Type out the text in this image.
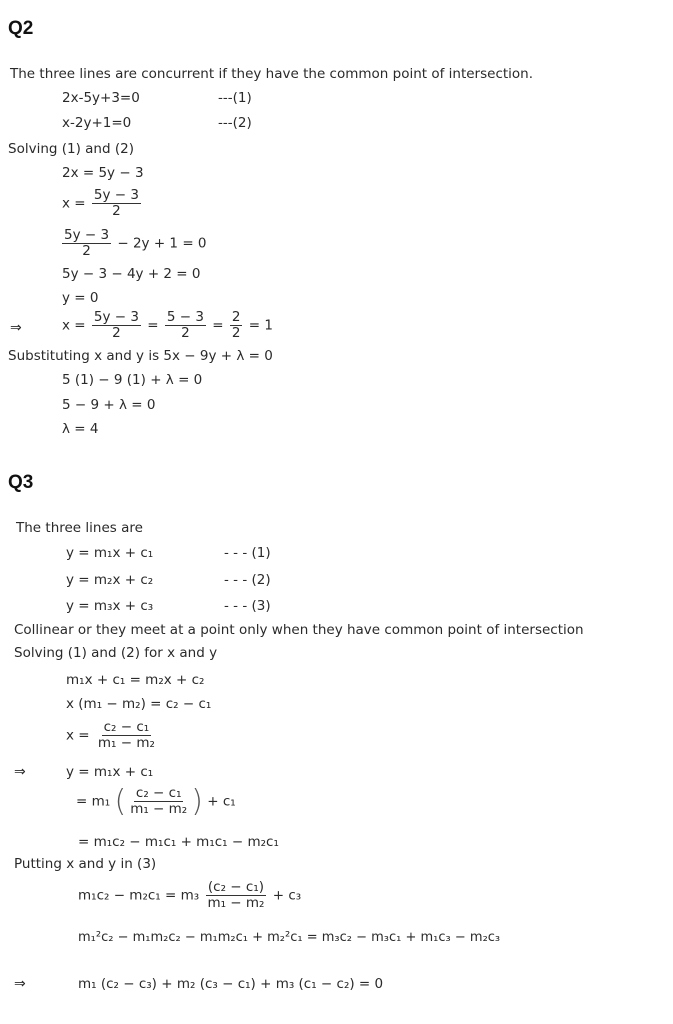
Q2
The three lines are concurrent if they have the common point of intersection.
2x-5y+3=0	---(1)
x-2y+1=0	---(2)
Solving (1) and (2)
2x = 5y − 3
$x = \frac{5y - 3}{2}$
$\frac{5y - 3}{2} - 2y + 1 = 0$
5y − 3 − 4y + 2 = 0
y = 0
⇒	$x = \frac{5y - 3}{2} = \frac{5 - 3}{2} = \frac{2}{2} = 1$
Substituting x and y is 5x − 9y + λ = 0
5 (1) − 9 (1) + λ = 0
5 − 9 + λ = 0
λ = 4
Q3
The three lines are
y = m₁x + c₁	- - - (1)
y = m₂x + c₂	- - - (2)
y = m₃x + c₃	- - - (3)
Collinear or they meet at a point only when they have common point of intersection
Solving (1) and (2) for x and y
m₁x + c₁ = m₂x + c₂
x (m₁ − m₂) = c₂ − c₁
$x = \frac{\text{c₂ − c₁}}{\text{m₁ − m₂}}$
⇒	y = m₁x + c₁
= m₁ ( $\frac{\text{c₂ − c₁}}{\text{m₁ − m₂}}$ ) + c₁
= m₁c₂ − m₁c₁ + m₁c₁ − m₂c₁
Putting x and y in (3)
$m_1c_2 - m_2c_1 = m_3 \frac{\text{(c₂ − c₁)}}{\text{m₁ − m₂}} + c_3$
m₁²c₂ − m₁m₂c₂ − m₁m₂c₁ + m₂²c₁ = m₃c₂ − m₃c₁ + m₁c₃ − m₂c₃
⇒	m₁ (c₂ − c₃) + m₂ (c₃ − c₁) + m₃ (c₁ − c₂) = 0
